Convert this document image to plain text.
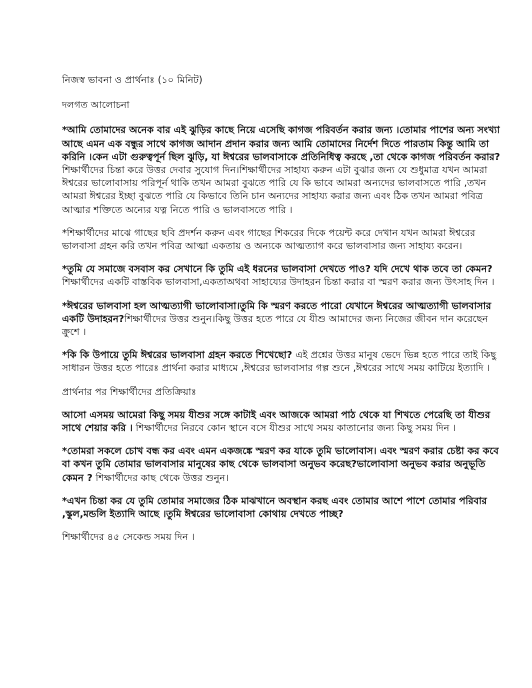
নিজস্ব ভাবনা ও প্রার্থনাঃ (১০ মিনিট)

দলগত আলোচনা

*আমি তোমাদের অনেক বার এই ঝুড়ির কাছে নিয়ে এসেছি কাগজ পরিবর্তন করার জন্য ।তোমার পাশের অন্য সংখ্যা আছে এমন এক বন্ধুর সাথে কাগজ আদান প্রদান করার জন্য আমি তোমাদের নির্দেশ দিতে পারতাম কিন্তু আমি তা করিনি ।কেন এটা গুরুত্বপূর্ন ছিল ঝুড়ি, যা ঈশ্বরের ভালবাসাকে প্রতিনিধিত্ব করছে ,তা থেকে কাগজ পরিবর্তন করার? শিক্ষার্থীদের চিন্তা করে উত্তর দেবার সুযোগ দিন।শিক্ষার্থীদের সাহায্য করুন এটা বুঝার জন্য যে শুধুমাত্র যখন আমরা ঈশ্বরের ভালোবাসায় পরিপূর্ন থাকি তখন আমরা বুঝতে পারি যে কি ভাবে আমরা অন্যদের ভালবাসতে পারি ,তখন আমরা ঈশ্বরের ইচ্ছা বুঝতে পারি যে কিভাবে তিনি চান অন্যদের সাহায্য করার জন্য এবং ঠিক তখন আমরা পবিত্র আত্মার শক্তিতে অন্যের যত্ন নিতে পারি ও ভালবাসতে পারি ।

*শিক্ষার্থীদের মাঝে গাছের ছবি প্রদর্শন করুন এবং গাছের শিকরের দিকে পয়েন্ট করে দেখান যখন আমরা ঈশ্বরের ভালবাসা গ্রহন করি তখন পবিত্র আত্মা একতায় ও অন্যকে আত্মত্যাগ করে ভালবাসার জন্য সাহায্য করেন।

*তুমি যে সমাজে বসবাস কর সেখানে কি তুমি এই ধরনের ভালবাসা দেখতে পাও? যদি দেখে থাক তবে তা কেমন?শিক্ষার্থীদের একটি বাস্তবিক ভালবাসা,একতাঅথবা সাহায্যের উদাহরন চিন্তা করার বা স্মরণ করার জন্য উৎসাহ দিন ।

*ঈশ্বরের ভালবাসা হল আত্মত্যাগী ভালোবাসা।তুমি কি স্মরণ করতে পারো যেখানে ঈশ্বরের আত্মত্যাগী ভালবাসার একটি উদাহরন?শিক্ষার্থীদের উত্তর শুনুন।কিছু উত্তর হতে পারে যে যীশু আমাদের জন্য নিজের জীবন দান করেছেন ক্রুশে ।

*কি কি উপায়ে তুমি ঈশ্বরের ভালবাসা গ্রহন করতে শিখেছো? এই প্রশ্নের উত্তর মানুষ ভেদে ভিন্ন হতে পারে তাই কিছু সাধারন উত্তর হতে পারেঃ প্রার্থনা করার মাধ্যমে ,ঈশ্বরের ভালবাসার গল্প শুনে ,ঈশ্বরের সাথে সময় কাটিয়ে ইত্যাদি ।

প্রার্থনার পর শিক্ষার্থীদের প্রতিক্রিয়াঃ

আসো এসময় আমেরা কিছু সময় যীশুর সঙ্গে কাটাই এবং আজকে আমরা পাঠ থেকে যা শিখতে পেরেছি তা যীশুর সাথে শেয়ার করি । শিক্ষার্থীদের নিরবে কোন স্থানে বসে যীশুর সাথে সময় কাতানোর জন্য কিছু সময় দিন ।

*তোমরা সকলে চোখ বন্ধ কর এবং এমন একজঙ্কে স্মরণ কর যাকে তুমি ভালোবাস। এবং স্মরণ করার চেষ্টা কর কবে বা কখন তুমি তোমার ভালবাসার মানুষের কাছ থেকে ভালবাসা অনুভব করেছ?ভালোবাসা অনুভব করার অনুভূতি কেমন ? শিক্ষার্থীদের কাছ থেকে উত্তর শুনুন।

*এখন চিন্তা কর যে তুমি তোমার সমাজের ঠিক মাঝখানে অবস্থান করছ এবং তোমার আশে পাশে তোমার পরিবার ,স্কুল,মন্ডলি ইত্যাদি আছে ।তুমি ঈশ্বরের ভালোবাসা কোথায় দেখতে পাচ্ছ?

শিক্ষার্থীদের ৪৫ সেকেন্ড সময় দিন ।
